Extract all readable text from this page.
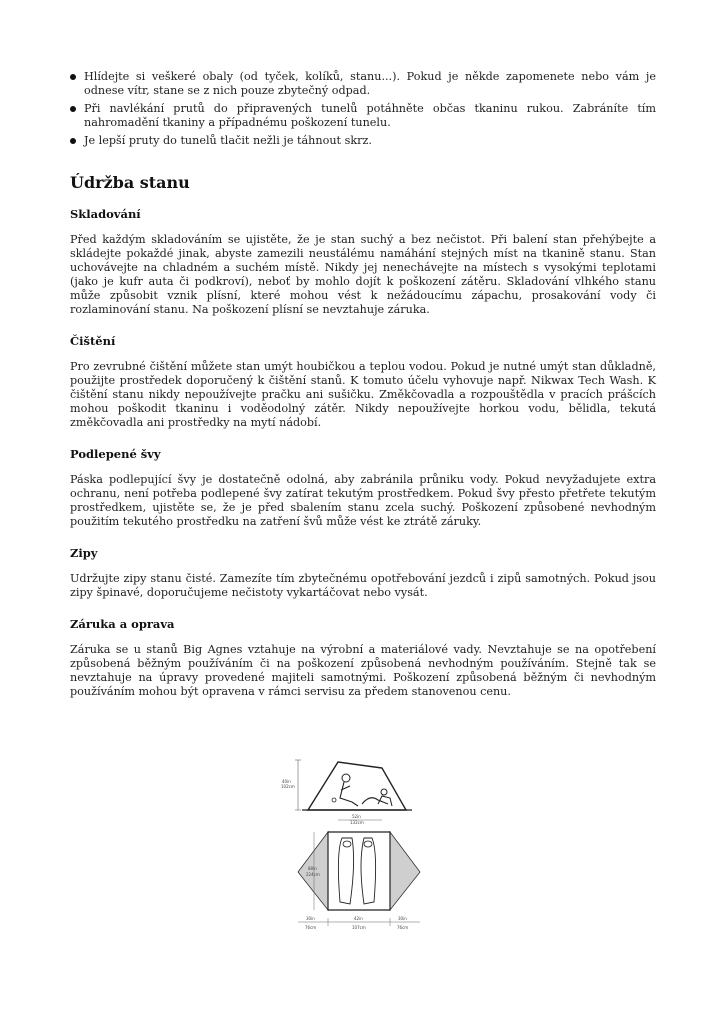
Hlídejte si veškeré obaly (od tyček, kolíků, stanu...). Pokud je někde zapomenete nebo vám je odnese vítr, stane se z nich pouze zbytečný odpad.
Při navlékání prutů do připravených tunelů potáhněte občas tkaninu rukou. Zabráníte tím nahromadění tkaniny a případnému poškození tunelu.
Je lepší pruty do tunelů tlačit nežli je táhnout skrz.
Údržba stanu
Skladování

Před každým skladováním se ujistěte, že je stan suchý a bez nečistot. Při balení stan přehýbejte a skládejte pokaždé jinak, abyste zamezili neustálému namáhání stejných míst na tkanině stanu. Stan uchovávejte na chladném a suchém místě. Nikdy jej nenechávejte na místech s vysokými teplotami (jako je kufr auta či podkroví), neboť by mohlo dojít k poškození zátěru. Skladování vlhkého stanu může způsobit vznik plísní, které mohou vést k nežádoucímu zápachu, prosakování vody či rozlaminování stanu. Na poškození plísní se nevztahuje záruka.

Čištění

Pro zevrubné čištění můžete stan umýt houbičkou a teplou vodou. Pokud je nutné umýt stan důkladně, použijte prostředek doporučený k čištění stanů. K tomuto účelu vyhovuje např. Nikwax Tech Wash. K čištění stanu nikdy nepoužívejte pračku ani sušičku. Změkčovadla a rozpouštědla v pracích prášcích mohou poškodit tkaninu i voděodolný zátěr. Nikdy nepoužívejte horkou vodu, bělidla, tekutá změkčovadla ani prostředky na mytí nádobí.

Podlepené švy

Páska podlepující švy je dostatečně odolná, aby zabránila průniku vody. Pokud nevyžadujete extra ochranu, není potřeba podlepené švy zatírat tekutým prostředkem. Pokud švy přesto přetřete tekutým prostředkem, ujistěte se, že je před sbalením stanu zcela suchý. Poškození způsobené nevhodným použitím tekutého prostředku na zatření švů může vést ke ztrátě záruky.

Zipy

Udržujte zipy stanu čisté. Zamezíte tím zbytečnému opotřebování jezdců i zipů samotných. Pokud jsou zipy špinavé, doporučujeme nečistoty vykartáčovat nebo vysát.

Záruka a oprava

Záruka se u stanů Big Agnes vztahuje na výrobní a materiálové vady. Nevztahuje se na opotřebení způsobená běžným používáním či na poškození způsobená nevhodným používáním. Stejně tak se nevztahuje na úpravy provedené majiteli samotnými. Poškození způsobená běžným či nevhodným používáním mohou být opravena v rámci servisu za předem stanovenou cenu.

40in
102cm
52in
132cm
88in
224cm
30in
76cm
42in
107cm
30in
76cm
